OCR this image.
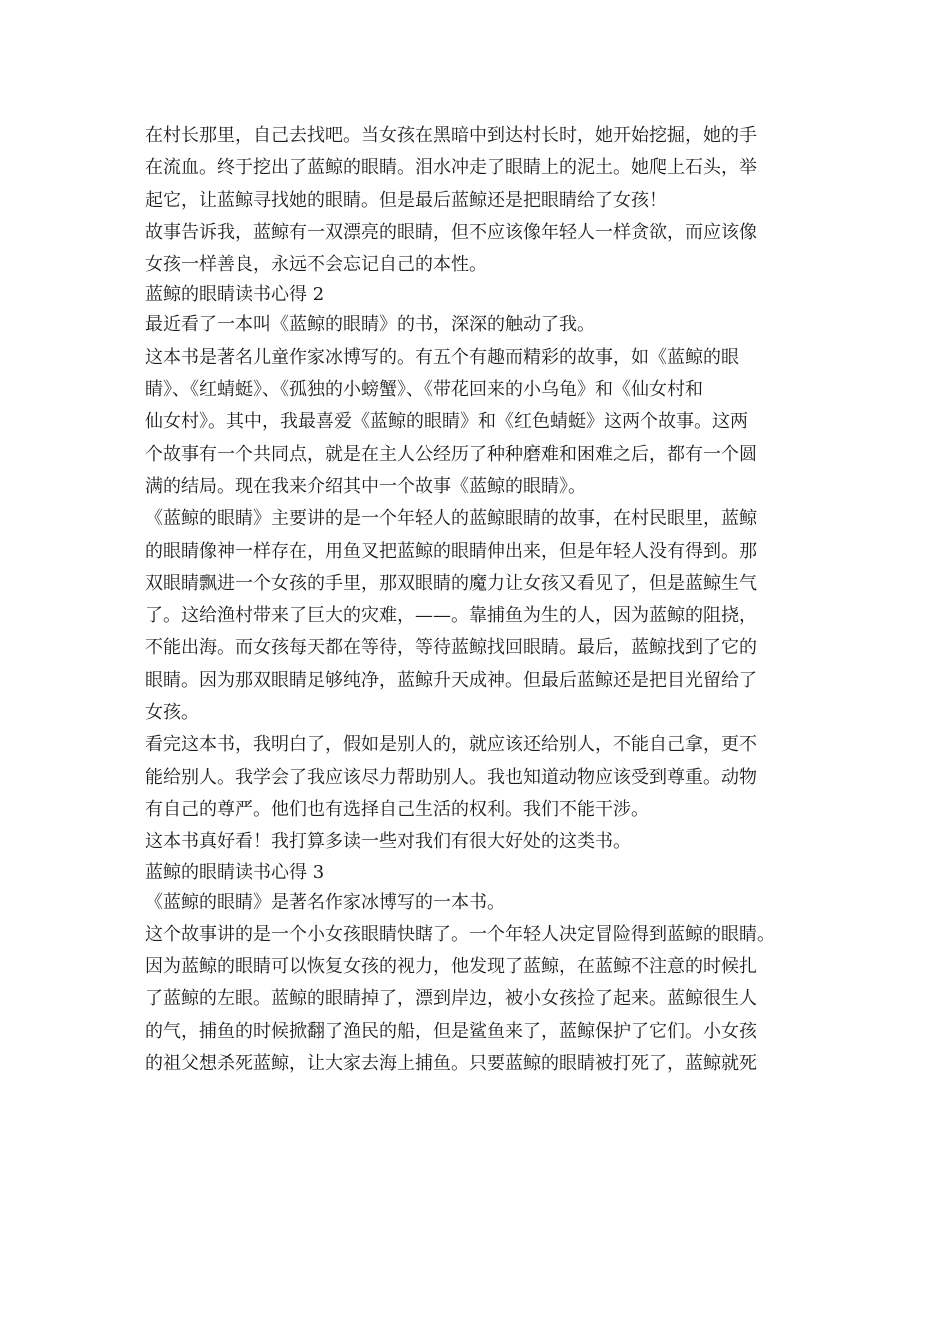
在村长那里，自己去找吧。当女孩在黑暗中到达村长时，她开始挖掘，她的手
在流血。终于挖出了蓝鲸的眼睛。泪水冲走了眼睛上的泥土。她爬上石头，举
起它，让蓝鲸寻找她的眼睛。但是最后蓝鲸还是把眼睛给了女孩！
故事告诉我，蓝鲸有一双漂亮的眼睛，但不应该像年轻人一样贪欲，而应该像
女孩一样善良，永远不会忘记自己的本性。
蓝鲸的眼睛读书心得 2
最近看了一本叫《蓝鲸的眼睛》的书，深深的触动了我。
这本书是著名儿童作家冰博写的。有五个有趣而精彩的故事，如《蓝鲸的眼
睛》、《红蜻蜓》、《孤独的小螃蟹》、《带花回来的小乌龟》和《仙女村和
仙女村》。其中，我最喜爱《蓝鲸的眼睛》和《红色蜻蜓》这两个故事。这两
个故事有一个共同点，就是在主人公经历了种种磨难和困难之后，都有一个圆
满的结局。现在我来介绍其中一个故事《蓝鲸的眼睛》。
《蓝鲸的眼睛》主要讲的是一个年轻人的蓝鲸眼睛的故事，在村民眼里，蓝鲸
的眼睛像神一样存在，用鱼叉把蓝鲸的眼睛伸出来，但是年轻人没有得到。那
双眼睛飘进一个女孩的手里，那双眼睛的魔力让女孩又看见了，但是蓝鲸生气
了。这给渔村带来了巨大的灾难，——。靠捕鱼为生的人，因为蓝鲸的阻挠，
不能出海。而女孩每天都在等待，等待蓝鲸找回眼睛。最后，蓝鲸找到了它的
眼睛。因为那双眼睛足够纯净，蓝鲸升天成神。但最后蓝鲸还是把目光留给了
女孩。
看完这本书，我明白了，假如是别人的，就应该还给别人，不能自己拿，更不
能给别人。我学会了我应该尽力帮助别人。我也知道动物应该受到尊重。动物
有自己的尊严。他们也有选择自己生活的权利。我们不能干涉。
这本书真好看！我打算多读一些对我们有很大好处的这类书。
蓝鲸的眼睛读书心得 3
《蓝鲸的眼睛》是著名作家冰博写的一本书。
这个故事讲的是一个小女孩眼睛快瞎了。一个年轻人决定冒险得到蓝鲸的眼睛。
因为蓝鲸的眼睛可以恢复女孩的视力，他发现了蓝鲸，在蓝鲸不注意的时候扎
了蓝鲸的左眼。蓝鲸的眼睛掉了，漂到岸边，被小女孩捡了起来。蓝鲸很生人
的气，捕鱼的时候掀翻了渔民的船，但是鲨鱼来了，蓝鲸保护了它们。小女孩
的祖父想杀死蓝鲸，让大家去海上捕鱼。只要蓝鲸的眼睛被打死了，蓝鲸就死
